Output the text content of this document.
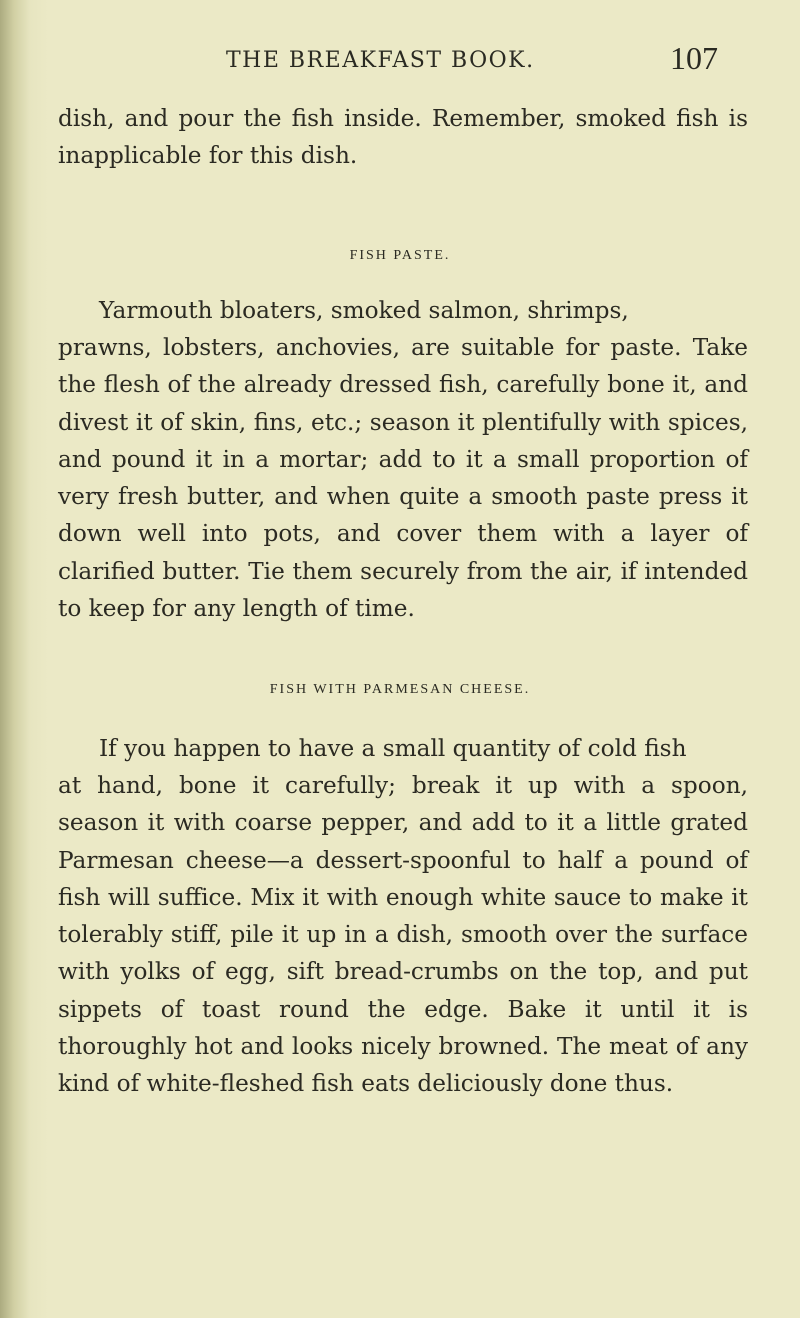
THE BREAKFAST BOOK.	107

dish, and pour the fish inside. Remember, smoked fish is inapplicable for this dish.

FISH PASTE.

Yarmouth bloaters, smoked salmon, shrimps,

prawns, lobsters, anchovies, are suitable for paste. Take the flesh of the already dressed fish, carefully bone it, and divest it of skin, fins, etc.; season it plentifully with spices, and pound it in a mortar; add to it a small proportion of very fresh butter, and when quite a smooth paste press it down well into pots, and cover them with a layer of clarified butter. Tie them securely from the air, if intended to keep for any length of time.

FISH WITH PARMESAN CHEESE.

If you happen to have a small quantity of cold fish

at hand, bone it carefully; break it up with a spoon, season it with coarse pepper, and add to it a little grated Parmesan cheese—a dessert-spoonful to half a pound of fish will suffice. Mix it with enough white sauce to make it tolerably stiff, pile it up in a dish, smooth over the surface with yolks of egg, sift bread-crumbs on the top, and put sippets of toast round the edge. Bake it until it is thoroughly hot and looks nicely browned. The meat of any kind of white-fleshed fish eats deliciously done thus.
